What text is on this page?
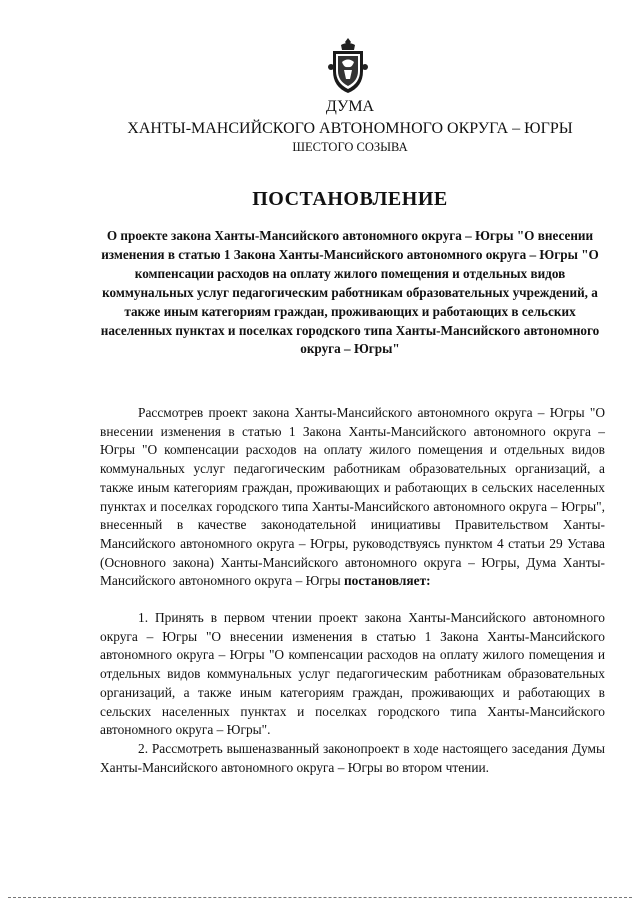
ДУМА
ХАНТЫ-МАНСИЙСКОГО АВТОНОМНОГО ОКРУГА – ЮГРЫ
ШЕСТОГО СОЗЫВА
ПОСТАНОВЛЕНИЕ
О проекте закона Ханты-Мансийского автономного округа – Югры "О внесении изменения в статью 1 Закона Ханты-Мансийского автономного округа – Югры "О компенсации расходов на оплату жилого помещения и отдельных видов коммунальных услуг педагогическим работникам образовательных учреждений, а также иным категориям граждан, проживающих и работающих в сельских населенных пунктах и поселках городского типа Ханты-Мансийского автономного округа – Югры"

Рассмотрев проект закона Ханты-Мансийского автономного округа – Югры "О внесении изменения в статью 1 Закона Ханты-Мансийского автономного округа – Югры "О компенсации расходов на оплату жилого помещения и отдельных видов коммунальных услуг педагогическим работникам образовательных организаций, а также иным категориям граждан, проживающих и работающих в сельских населенных пунктах и поселках городского типа Ханты-Мансийского автономного округа – Югры", внесенный в качестве законодательной инициативы Правительством Ханты-Мансийского автономного округа – Югры, руководствуясь пунктом 4 статьи 29 Устава (Основного закона) Ханты-Мансийского автономного округа – Югры, Дума Ханты-Мансийского автономного округа – Югры постановляет:

1. Принять в первом чтении проект закона Ханты-Мансийского автономного округа – Югры "О внесении изменения в статью 1 Закона Ханты-Мансийского автономного округа – Югры "О компенсации расходов на оплату жилого помещения и отдельных видов коммунальных услуг педагогическим работникам образовательных организаций, а также иным категориям граждан, проживающих и работающих в сельских населенных пунктах и поселках городского типа Ханты-Мансийского автономного округа – Югры".

2. Рассмотреть вышеназванный законопроект в ходе настоящего заседания Думы Ханты-Мансийского автономного округа – Югры во втором чтении.
